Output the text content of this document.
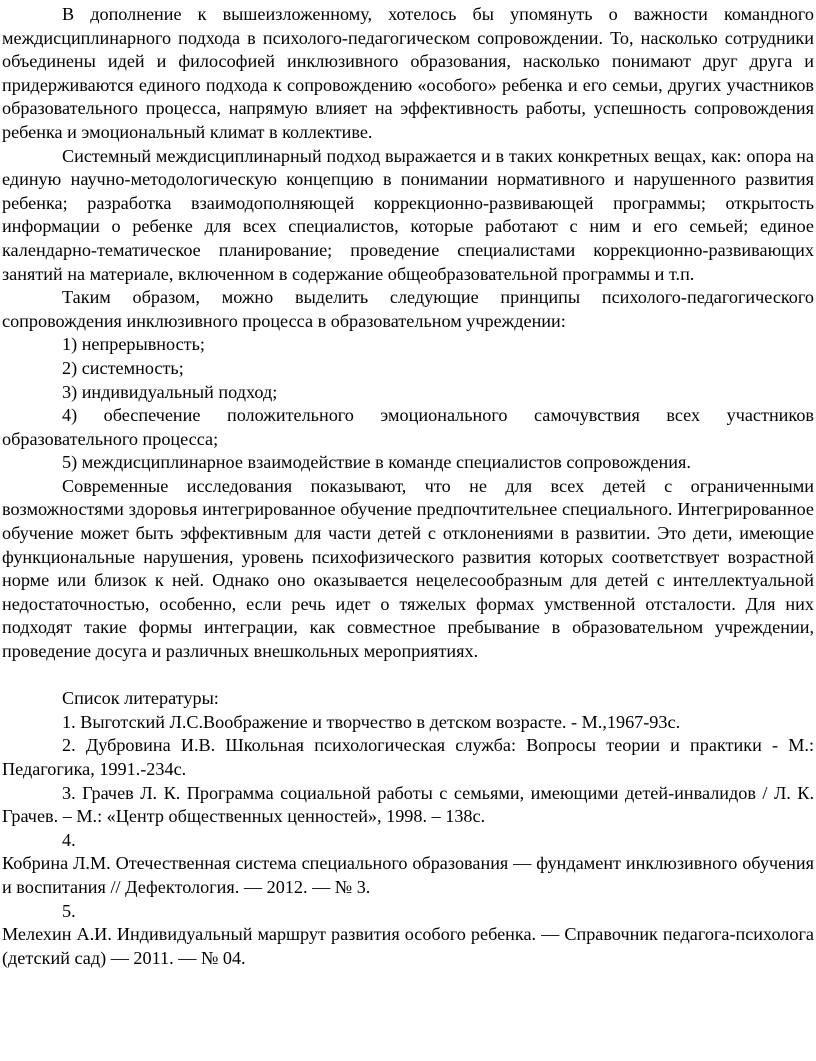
В дополнение к вышеизложенному, хотелось бы упомянуть о важности командного междисциплинарного подхода в психолого-педагогическом сопровождении. То, насколько сотрудники объединены идей и философией инклюзивного образования, насколько понимают друг друга и придерживаются единого подхода к сопровождению «особого» ребенка и его семьи, других участников образовательного процесса, напрямую влияет на эффективность работы, успешность сопровождения ребенка и эмоциональный климат в коллективе.

Системный междисциплинарный подход выражается и в таких конкретных вещах, как: опора на единую научно-методологическую концепцию в понимании нормативного и нарушенного развития ребенка; разработка взаимодополняющей коррекционно-развивающей программы; открытость информации о ребенке для всех специалистов, которые работают с ним и его семьей; единое календарно-тематическое планирование; проведение специалистами коррекционно-развивающих занятий на материале, включенном в содержание общеобразовательной программы и т.п.

Таким образом, можно выделить следующие принципы психолого-педагогического сопровождения инклюзивного процесса в образовательном учреждении:

1) непрерывность;

2) системность;

3) индивидуальный подход;

4) обеспечение положительного эмоционального самочувствия всех участников образовательного процесса;

5) междисциплинарное взаимодействие в команде специалистов сопровождения.

Современные исследования показывают, что не для всех детей с ограниченными возможностями здоровья интегрированное обучение предпочтительнее специального. Интегрированное обучение может быть эффективным для части детей с отклонениями в развитии. Это дети, имеющие функциональные нарушения, уровень психофизического развития которых соответствует возрастной норме или близок к ней. Однако оно оказывается нецелесообразным для детей с интеллектуальной недостаточностью, особенно, если речь идет о тяжелых формах умственной отсталости. Для них подходят такие формы интеграции, как совместное пребывание в образовательном учреждении, проведение досуга и различных внешкольных мероприятиях.

Список литературы:

1. Выготский Л.С.Воображение и творчество в детском возрасте. - М.,1967-93с.

2. Дубровина И.В. Школьная психологическая служба: Вопросы теории и практики - М.: Педагогика, 1991.-234с.

3. Грачев Л. К. Программа социальной работы с семьями, имеющими детей-инвалидов / Л. К. Грачев. – М.: «Центр общественных ценностей», 1998. – 138с.

4.

Кобрина Л.М. Отечественная система специального образования — фундамент инклюзивного обучения и воспитания // Дефектология. — 2012. — № 3.

5.

Мелехин А.И. Индивидуальный маршрут развития особого ребенка. — Справочник педагога-психолога (детский сад) — 2011. — № 04.
